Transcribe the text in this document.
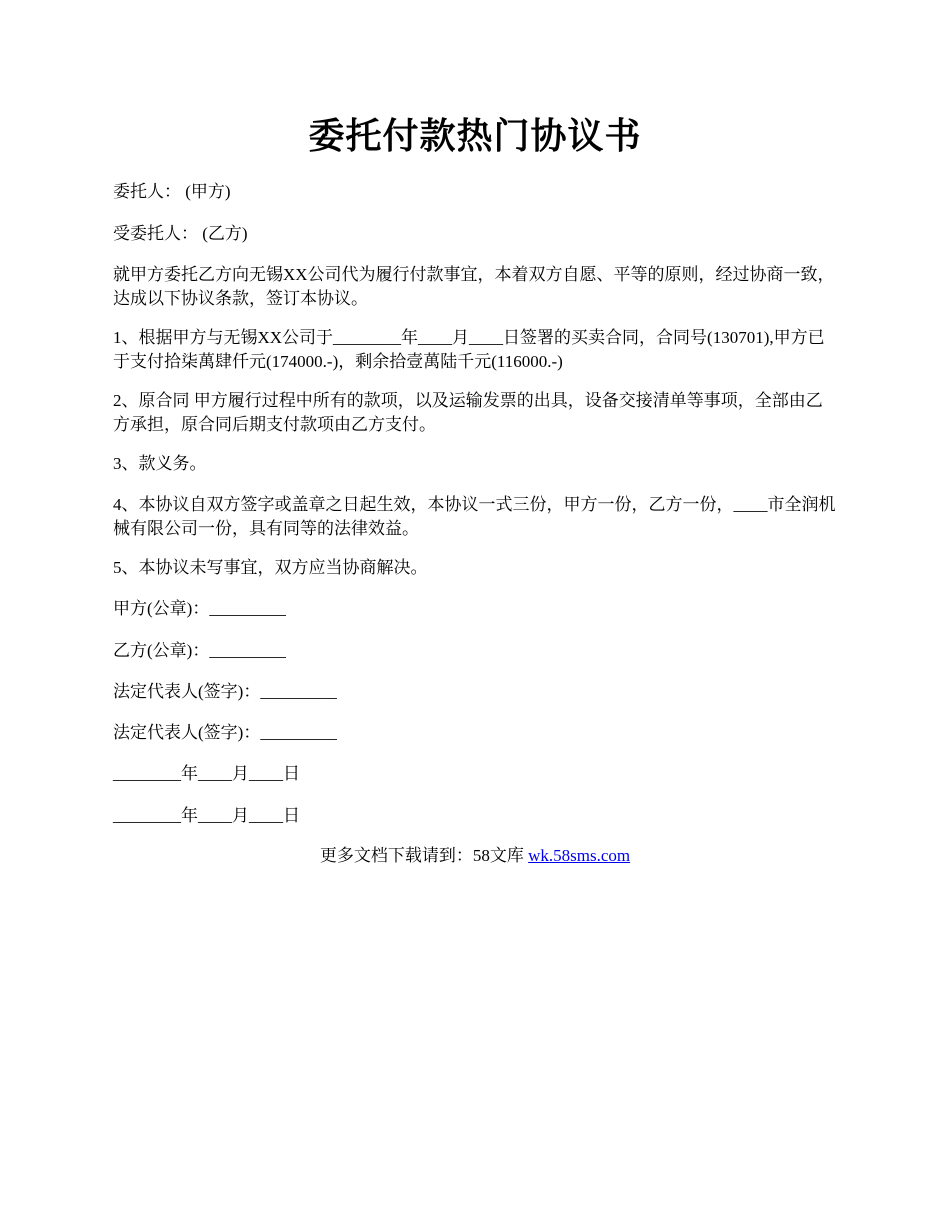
委托付款热门协议书

委托人： (甲方)

受委托人： (乙方)

就甲方委托乙方向无锡XX公司代为履行付款事宜，本着双方自愿、平等的原则，经过协商一致，达成以下协议条款，签订本协议。

1、根据甲方与无锡XX公司于________年____月____日签署的买卖合同，合同号(130701),甲方已于支付拾柒萬肆仟元(174000.-)，剩余拾壹萬陆千元(116000.-)

2、原合同 甲方履行过程中所有的款项，以及运输发票的出具，设备交接清单等事项，全部由乙方承担，原合同后期支付款项由乙方支付。

3、款义务。

4、本协议自双方签字或盖章之日起生效，本协议一式三份，甲方一份，乙方一份，____市全润机械有限公司一份，具有同等的法律效益。

5、本协议未写事宜，双方应当协商解决。

甲方(公章)：_________

乙方(公章)：_________

法定代表人(签字)：_________

法定代表人(签字)：_________

________年____月____日

________年____月____日

更多文档下载请到：58文库 wk.58sms.com
